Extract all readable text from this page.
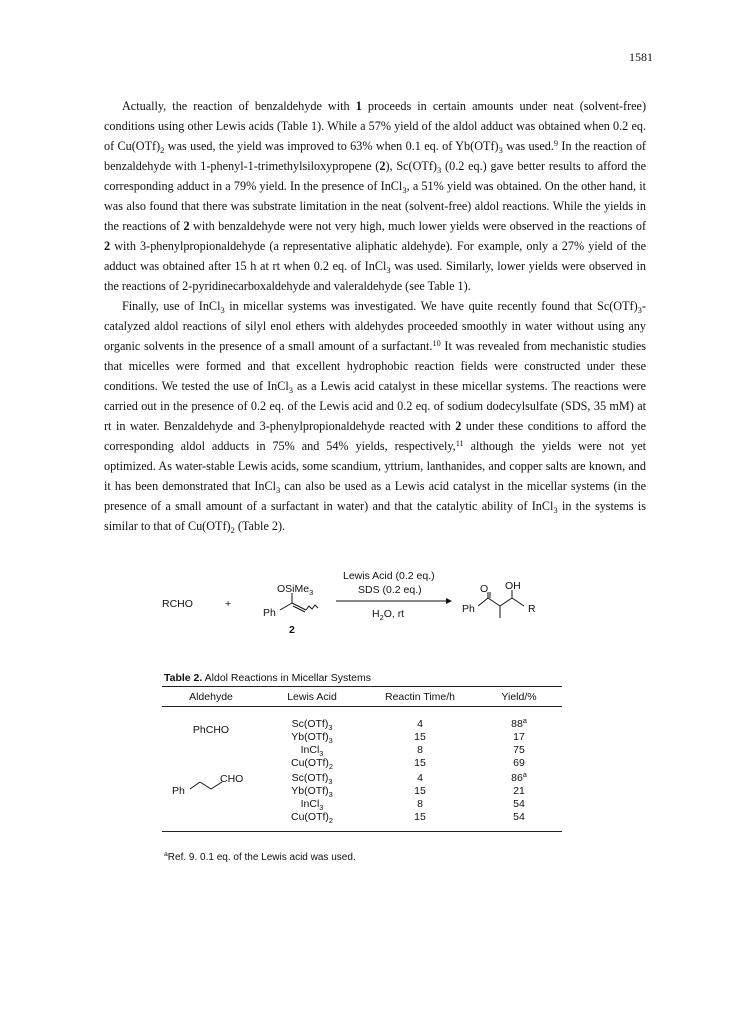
1581

Actually, the reaction of benzaldehyde with 1 proceeds in certain amounts under neat (solvent-free) conditions using other Lewis acids (Table 1). While a 57% yield of the aldol adduct was obtained when 0.2 eq. of $Cu(OTf)_2$ was used, the yield was improved to 63% when 0.1 eq. of $Yb(OTf)_3$ was used.$^9$ In the reaction of benzaldehyde with 1-phenyl-1-trimethylsiloxypropene (2), $Sc(OTf)_3$ (0.2 eq.) gave better results to afford the corresponding adduct in a 79% yield. In the presence of InCl$_3$, a 51% yield was obtained. On the other hand, it was also found that there was substrate limitation in the neat (solvent-free) aldol reactions. While the yields in the reactions of 2 with benzaldehyde were not very high, much lower yields were observed in the reactions of 2 with 3-phenylpropionaldehyde (a representative aliphatic aldehyde). For example, only a 27% yield of the adduct was obtained after 15 h at rt when 0.2 eq. of InCl$_3$ was used. Similarly, lower yields were observed in the reactions of 2-pyridinecarboxaldehyde and valeraldehyde (see Table 1).

Finally, use of InCl$_3$ in micellar systems was investigated. We have quite recently found that $Sc(OTf)_3$-catalyzed aldol reactions of silyl enol ethers with aldehydes proceeded smoothly in water without using any organic solvents in the presence of a small amount of a surfactant.$^{10}$ It was revealed from mechanistic studies that micelles were formed and that excellent hydrophobic reaction fields were constructed under these conditions. We tested the use of InCl$_3$ as a Lewis acid catalyst in these micellar systems. The reactions were carried out in the presence of 0.2 eq. of the Lewis acid and 0.2 eq. of sodium dodecylsulfate (SDS, 35 mM) at rt in water. Benzaldehyde and 3-phenylpropionaldehyde reacted with 2 under these conditions to afford the corresponding aldol adducts in 75% and 54% yields, respectively,$^{11}$ although the yields were not yet optimized. As water-stable Lewis acids, some scandium, yttrium, lanthanides, and copper salts are known, and it has been demonstrated that InCl$_3$ can also be used as a Lewis acid catalyst in the micellar systems (in the presence of a small amount of a surfactant in water) and that the catalytic ability of InCl$_3$ in the systems is similar to that of $Cu(OTf)_2$ (Table 2).

RCHO	+
OSiMe$_3$
Ph
2
Lewis Acid (0.2 eq.)
SDS (0.2 eq.)
$H_2O$, rt
O OH
Ph	R
Table 2. Aldol Reactions in Micellar Systems
Aldehyde	Lewis Acid	Reactin Time/h	Yield/%
PhCHO	$Sc(OTf)_3$	4	88$^a$
	$Yb(OTf)_3$	15	17
	InCl$_3$	8	75
	$Cu(OTf)_2$	15	69

Ph
CHO	$Sc(OTf)_3$	4	86$^a$
	$Yb(OTf)_3$	15	21
	InCl$_3$	8	54
	$Cu(OTf)_2$	15	54
$^a$Ref. 9. 0.1 eq. of the Lewis acid was used.
